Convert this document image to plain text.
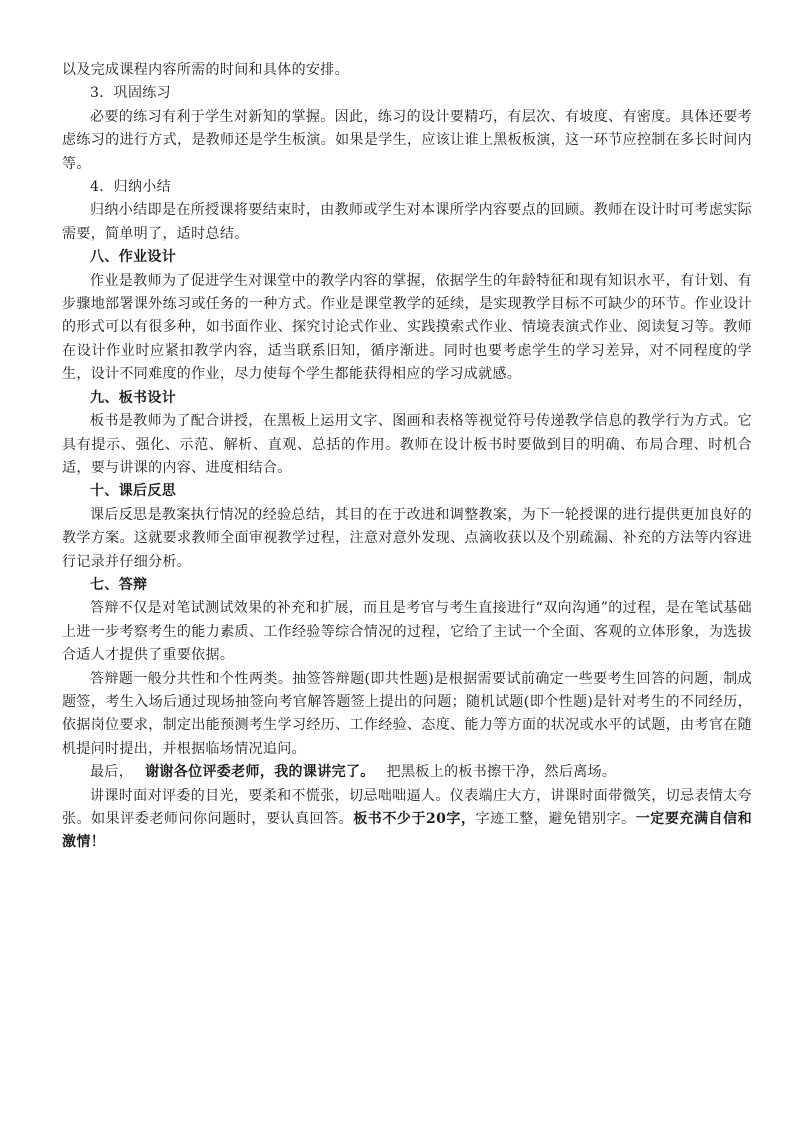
以及完成课程内容所需的时间和具体的安排。

3．巩固练习

必要的练习有利于学生对新知的掌握。因此，练习的设计要精巧，有层次、有坡度、有密度。具体还要考虑练习的进行方式，是教师还是学生板演。如果是学生，应该让谁上黑板板演，这一环节应控制在多长时间内等。

4．归纳小结

归纳小结即是在所授课将要结束时，由教师或学生对本课所学内容要点的回顾。教师在设计时可考虑实际需要，简单明了，适时总结。

八、作业设计

作业是教师为了促进学生对课堂中的教学内容的掌握，依据学生的年龄特征和现有知识水平，有计划、有步骤地部署课外练习或任务的一种方式。作业是课堂教学的延续，是实现教学目标不可缺少的环节。作业设计的形式可以有很多种，如书面作业、探究讨论式作业、实践摸索式作业、情境表演式作业、阅读复习等。教师在设计作业时应紧扣教学内容，适当联系旧知，循序渐进。同时也要考虑学生的学习差异，对不同程度的学生，设计不同难度的作业，尽力使每个学生都能获得相应的学习成就感。

九、板书设计

板书是教师为了配合讲授，在黑板上运用文字、图画和表格等视觉符号传递教学信息的教学行为方式。它具有提示、强化、示范、解析、直观、总括的作用。教师在设计板书时要做到目的明确、布局合理、时机合适，要与讲课的内容、进度相结合。

十、课后反思

课后反思是教案执行情况的经验总结，其目的在于改进和调整教案，为下一轮授课的进行提供更加良好的教学方案。这就要求教师全面审视教学过程，注意对意外发现、点滴收获以及个别疏漏、补充的方法等内容进行记录并仔细分析。

七、答辩

答辩不仅是对笔试测试效果的补充和扩展，而且是考官与考生直接进行“双向沟通”的过程，是在笔试基础上进一步考察考生的能力素质、工作经验等综合情况的过程，它给了主试一个全面、客观的立体形象，为选拔合适人才提供了重要依据。

答辩题一般分共性和个性两类。抽签答辩题(即共性题)是根据需要试前确定一些要考生回答的问题，制成题签，考生入场后通过现场抽签向考官解答题签上提出的问题；随机试题(即个性题)是针对考生的不同经历，依据岗位要求，制定出能预测考生学习经历、工作经验、态度、能力等方面的状况或水平的试题，由考官在随机提问时提出，并根据临场情况追问。

最后， 谢谢各位评委老师，我的课讲完了。 把黑板上的板书擦干净，然后离场。

讲课时面对评委的目光，要柔和不慌张，切忌咄咄逼人。仪表端庄大方，讲课时面带微笑，切忌表情太夸张。如果评委老师问你问题时，要认真回答。板书不少于20字，字迹工整，避免错别字。一定要充满自信和激情！
